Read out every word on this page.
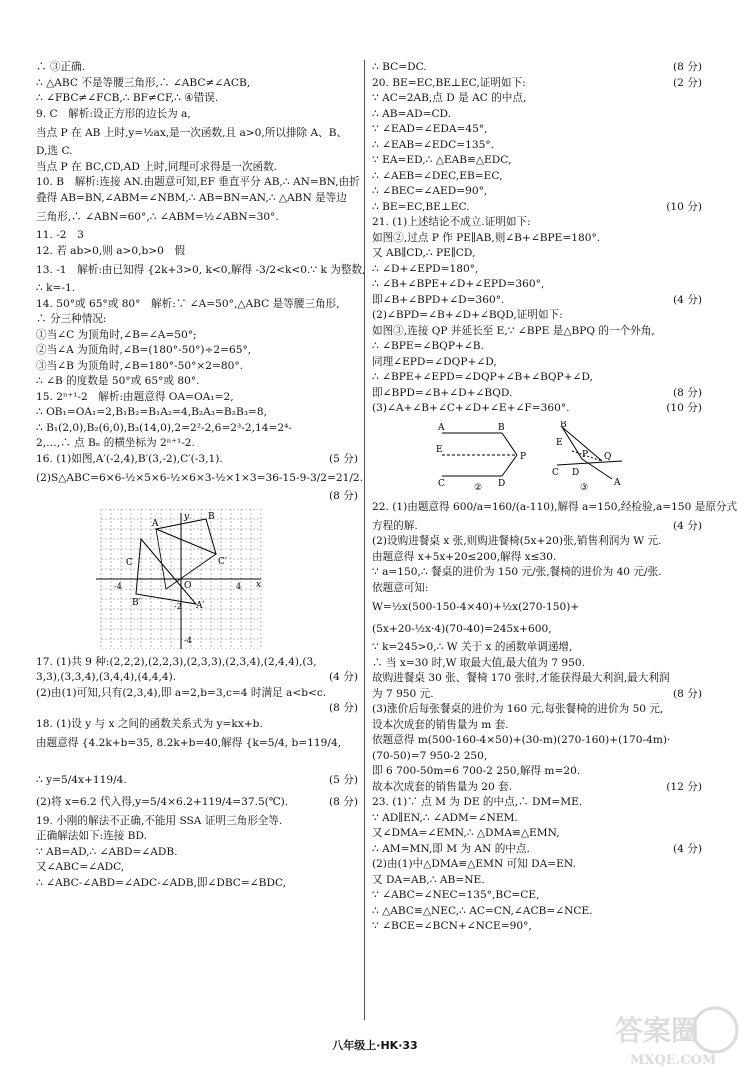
∴ ③正确.
∴ △ABC 不是等腰三角形,∴ ∠ABC≠∠ACB,
∴ ∠FBC≠∠FCB,∴ BF≠CF,∴ ④错误.
9. C　解析:设正方形的边长为 a,
当点 P 在 AB 上时,y=½ax,是一次函数,且 a>0,所以排除 A、B、
D,选 C.
当点 P 在 BC,CD,AD 上时,同理可求得是一次函数.
10. B　解析:连接 AN.由题意可知,EF 垂直平分 AB,∴ AN=BN,由折
叠得 AB=BN,∠ABM=∠NBM,∴ AB=BN=AN,∴ △ABN 是等边
三角形,∴ ∠ABN=60°,∴ ∠ABM=½∠ABN=30°.
11. -2　3
12. 若 ab>0,则 a>0,b>0　假
13. -1　解析:由已知得 {2k+3>0, k<0,解得 -3/2<k<0.∵ k 为整数,
∴ k=-1.
14. 50°或 65°或 80°　解析:∵ ∠A=50°,△ABC 是等腰三角形,
∴ 分三种情况:
①当∠C 为顶角时,∠B=∠A=50°;
②当∠A 为顶角时,∠B=(180°-50°)÷2=65°,
③当∠B 为顶角时,∠B=180°-50°×2=80°.
∴ ∠B 的度数是 50°或 65°或 80°.
15. 2ⁿ⁺¹-2　解析:由题意得 OA=OA₁=2,
∴ OB₁=OA₁=2,B₁B₂=B₁A₂=4,B₂A₃=B₂B₃=8,
∴ B₁(2,0),B₂(6,0),B₃(14,0),2=2²-2,6=2³-2,14=2⁴-
2,…,∴ 点 Bₙ 的横坐标为 2ⁿ⁺¹-2.
16. (1)如图,A′(-2,4),B′(3,-2),C′(-3,1).	(5 分)
(2)S△ABC=6×6-½×5×6-½×6×3-½×1×3=36-15-9-3/2=21/2.
(8 分)
A
B
C′
C
B′	A′
O	x
y
-4	4
-4
-2
17. (1)共 9 种:(2,2,2),(2,2,3),(2,3,3),(2,3,4),(2,4,4),(3,
3,3),(3,3,4),(3,4,4),(4,4,4).	(4 分)
(2)由(1)可知,只有(2,3,4),即 a=2,b=3,c=4 时满足 a<b<c.
(8 分)
18. (1)设 y 与 x 之间的函数关系式为 y=kx+b.
由题意得 {4.2k+b=35, 8.2k+b=40,解得 {k=5/4, b=119/4,
∴ y=5/4x+119/4.	(5 分)
(2)将 x=6.2 代入得,y=5/4×6.2+119/4=37.5(℃).	(8 分)
19. 小刚的解法不正确,不能用 SSA 证明三角形全等.
正确解法如下:连接 BD.
∵ AB=AD,∴ ∠ABD=∠ADB.
又∠ABC=∠ADC,
∴ ∠ABC-∠ABD=∠ADC-∠ADB,即∠DBC=∠BDC,
∴ BC=DC.	(8 分)
20. BE=EC,BE⊥EC,证明如下:	(2 分)
∵ AC=2AB,点 D 是 AC 的中点,
∴ AB=AD=CD.
∵ ∠EAD=∠EDA=45°,
∴ ∠EAB=∠EDC=135°.
∵ EA=ED,∴ △EAB≌△EDC,
∴ ∠AEB=∠DEC,EB=EC,
∴ ∠BEC=∠AED=90°,
∴ BE=EC,BE⊥EC.	(10 分)
21. (1)上述结论不成立.证明如下:
如图②,过点 P 作 PE∥AB,则∠B+∠BPE=180°.
又 AB∥CD,∴ PE∥CD,
∴ ∠D+∠EPD=180°,
∴ ∠B+∠BPE+∠D+∠EPD=360°,
即∠B+∠BPD+∠D=360°.	(4 分)
(2)∠BPD=∠B+∠D+∠BQD,证明如下:
如图③,连接 QP 并延长至 E,∵ ∠BPE 是△BPQ 的一个外角,
∴ ∠BPE=∠BQP+∠B.
同理∠EPD=∠DQP+∠D,
∴ ∠BPE+∠EPD=∠DQP+∠B+∠BQP+∠D,
即∠BPD=∠B+∠D+∠BQD.	(8 分)
(3)∠A+∠B+∠C+∠D+∠E+∠F=360°.	(10 分)
A	B
E
P
C	D
②
B
E
P Q
C D
A
③
22. (1)由题意得 600/a=160/(a-110),解得 a=150,经检验,a=150 是原分式
方程的解.	(4 分)
(2)设购进餐桌 x 张,则购进餐椅(5x+20)张,销售利润为 W 元.
由题意得 x+5x+20≤200,解得 x≤30.
∵ a=150,∴ 餐桌的进价为 150 元/张,餐椅的进价为 40 元/张.
依题意可知:
W=½x(500-150-4×40)+½x(270-150)+
(5x+20-½x·4)(70-40)=245x+600,
∵ k=245>0,∴ W 关于 x 的函数单调递增,
∴ 当 x=30 时,W 取最大值,最大值为 7 950.
故购进餐桌 30 张、餐椅 170 张时,才能获得最大利润,最大利润
为 7 950 元.	(8 分)
(3)涨价后每张餐桌的进价为 160 元,每张餐椅的进价为 50 元,
设本次成套的销售量为 m 套.
依题意得 m(500-160-4×50)+(30-m)(270-160)+(170-4m)·
(70-50)=7 950-2 250,
即 6 700-50m=6 700-2 250,解得 m=20.
故本次成套的销售量为 20 套.	(12 分)
23. (1)∵ 点 M 为 DE 的中点,∴ DM=ME.
∵ AD∥EN,∴ ∠ADM=∠NEM.
又∠DMA=∠EMN,∴ △DMA≌△EMN,
∴ AM=MN,即 M 为 AN 的中点.	(4 分)
(2)由(1)中△DMA≌△EMN 可知 DA=EN.
又 DA=AB,∴ AB=NE.
∵ ∠ABC=∠NEC=135°,BC=CE,
∴ △ABC≌△NEC,∴ AC=CN,∠ACB=∠NCE.
∵ ∠BCE=∠BCN+∠NCE=90°,
八年级上·HK·33	答案圈
MXQE.COM
